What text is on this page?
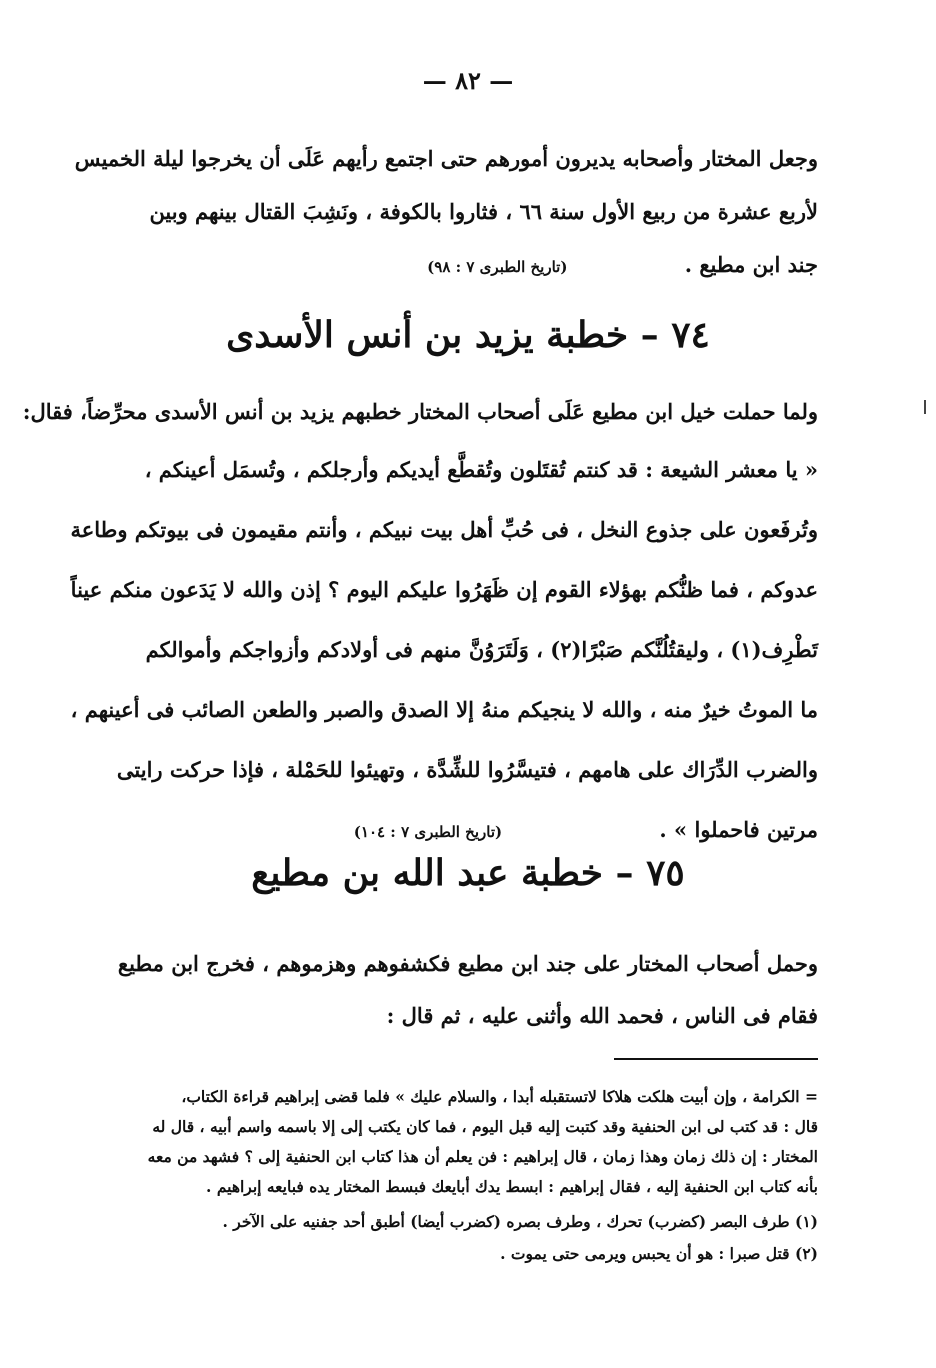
— ٨٢ —

وجعل المختار وأصحابه يديرون أمورهم حتى اجتمع رأيهم عَلَى أن يخرجوا ليلة الخميس
لأربع عشرة من ربيع الأول سنة ٦٦ ، فثاروا بالكوفة ، ونَشِبَ القتال بينهم وبين
جند ابن مطيع . (تاريخ الطبرى ٧ : ٩٨)

٧٤ – خطبة يزيد بن أنس الأسدى

ولما حملت خيل ابن مطيع عَلَى أصحاب المختار خطبهم يزيد بن أنس الأسدى محرِّضاً، فقال:

« يا معشر الشيعة : قد كنتم تُقتَلون وتُقطَّع أيديكم وأرجلكم ، وتُسمَل أعينكم ،
وتُرفَعون على جذوع النخل ، فى حُبِّ أهل بيت نبيكم ، وأنتم مقيمون فى بيوتكم وطاعة
عدوكم ، فما ظنُّكم بهؤلاء القوم إن ظَهَرُوا عليكم اليوم ؟ إذن والله لا يَدَعون منكم عيناً
تَطْرِف(١) ، وليقتُلُنَّكم صَبْرًا(٢) ، وَلَتَرَوُنَّ منهم فى أولادكم وأزواجكم وأموالكم
ما الموتُ خيرٌ منه ، والله لا ينجيكم منهُ إلا الصدق والصبر والطعن الصائب فى أعينهم ،
والضرب الدِّرَاك على هامهم ، فتيسَّرُوا للشِّدَّة ، وتهيئوا للحَمْلة ، فإذا حركت رايتى
مرتين فاحملوا » . (تاريخ الطبرى ٧ : ١٠٤)

٧٥ – خطبة عبد الله بن مطيع

وحمل أصحاب المختار على جند ابن مطيع فكشفوهم وهزموهم ، فخرج ابن مطيع
فقام فى الناس ، فحمد الله وأثنى عليه ، ثم قال :

= الكرامة ، وإن أبيت هلكت هلاكا لاتستقبله أبدا ، والسلام عليك » فلما قضى إبراهيم قراءة الكتاب،

قال : قد كتب لى ابن الحنفية وقد كتبت إليه قبل اليوم ، فما كان يكتب إلى إلا باسمه واسم أبيه ، قال له

المختار : إن ذلك زمان وهذا زمان ، قال إبراهيم : فن يعلم أن هذا كتاب ابن الحنفية إلى ؟ فشهد من معه

بأنه كتاب ابن الحنفية إليه ، فقال إبراهيم : ابسط يدك أبايعك فبسط المختار يده فبايعه إبراهيم .

(١) طرف البصر (كضرب) تحرك ، وطرف بصره (كضرب أيضا) أطبق أحد جفنيه على الآخر .

(٢) قتل صبرا : هو أن يحبس ويرمى حتى يموت .
